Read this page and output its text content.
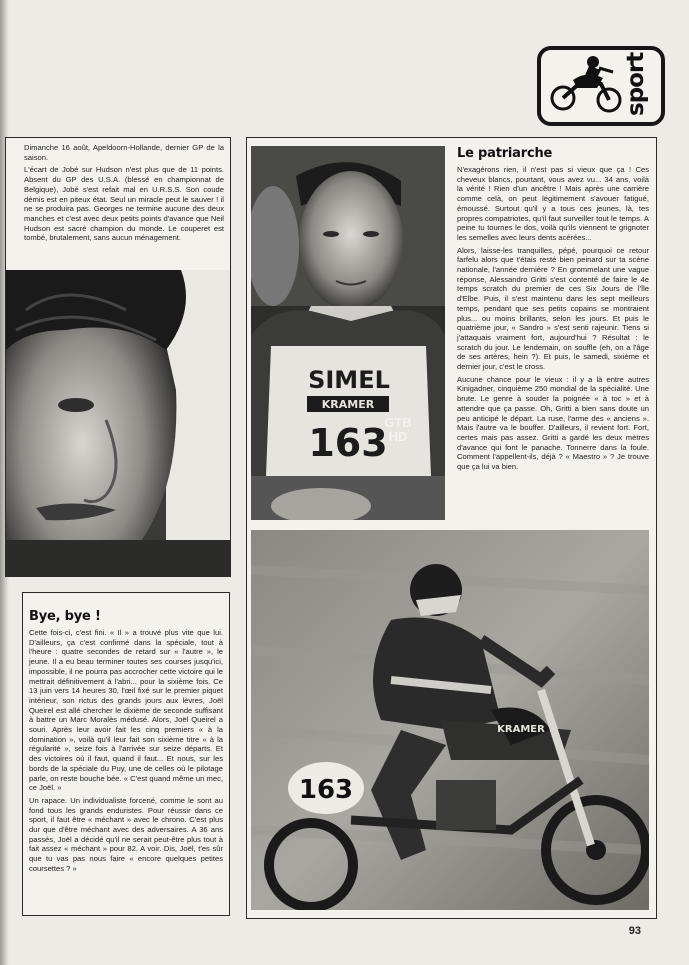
sport

Dimanche 16 août, Apeldoorn-Hollande, dernier GP de la saison.

L'écart de Jobé sur Hudson n'est plus que de 11 points. Absent du GP des U.S.A. (blessé en championnat de Belgique), Jobé s'est refait mal en U.R.S.S. Son coude démis est en piteux état. Seul un miracle peut le sauver ! il ne se produira pas. Georges ne termine aucune des deux manches et c'est avec deux petits points d'avance que Neil Hudson est sacré champion du monde. Le couperet est tombé, brutalement, sans aucun ménagement.

Bye, bye !

Cette fois-ci, c'est fini. « Il » a trouvé plus vite que lui. D'ailleurs, ça c'est confirmé dans la spéciale, tout à l'heure : quatre secondes de retard sur « l'autre », le jeune. Il a eu beau terminer toutes ses courses jusqu'ici, impossible, il ne pourra pas accrocher cette victoire qui le mettrait définitivement à l'abri... pour la sixième fois. Ce 13 juin vers 14 heures 30, l'œil fixé sur le premier piquet intérieur, son rictus des grands jours aux lèvres, Joël Queirel est allé chercher le dixième de seconde suffisant à battre un Marc Moralès médusé. Alors, Joël Queirel a souri. Après leur avoir fait les cinq premiers « à la domination », voilà qu'il leur fait son sixième titre « à la régularité », seize fois à l'arrivée sur seize départs. Et des victoires où il faut, quand il faut... Et nous, sur les bords de la spéciale du Puy, une de celles où le pilotage parle, on reste bouche bée. « C'est quand même un mec, ce Joël. »

Un rapace. Un individualiste forcené, comme le sont au fond tous les grands enduristes. Pour réussir dans ce sport, il faut être « méchant » avec le chrono. C'est plus dur que d'être méchant avec des adversaires. A 36 ans passés, Joël a décidé qu'il ne serait peut-être plus tout à fait assez « méchant » pour 82. A voir. Dis, Joël, t'es sûr que tu vas pas nous faire « encore quelques petites coursettes ? »

SIMEL
KRAMER
163
Le patriarche

N'exagérons rien, il n'est pas si vieux que ça ! Ces cheveux blancs, pourtant, vous avez vu... 34 ans, voilà la vérité ! Rien d'un ancêtre ! Mais après une carrière comme celà, on peut légitimement s'avouer fatigué, émoussé. Surtout qu'il y a tous ces jeunes, là, tes propres compatriotes, qu'il faut surveiller tout le temps. A peine tu tournes le dos, voilà qu'ils viennent te grignoter les semelles avec leurs dents acérées...

Alors, laisse-les tranquilles, pépé, pourquoi ce retour farfelu alors que t'étais resté bien peinard sur ta scène nationale, l'année dernière ? En grommelant une vague réponse, Alessandro Gritti s'est contenté de faire le 4e temps scratch du premier de ces Six Jours de l'île d'Elbe. Puis, il s'est maintenu dans les sept meilleurs temps, pendant que ses petits copains se montraient plus... ou moins brillants, selon les jours. Et puis le quatrième jour, « Sandro » s'est senti rajeunir. Tiens si j'attaquais vraiment fort, aujourd'hui ? Résultat : le scratch du jour. Le lendemain, on souffle (eh, on a l'âge de ses artères, hein ?). Et puis, le samedi, sixième et dernier jour, c'est le cross.

Aucune chance pour le vieux : il y a là entre autres Kinigadner, cinquième 250 mondial de la spécialité. Une brute. Le genre à souder la poignée « à toc » et à attendre que ça passe. Oh, Gritti a bien sans doute un peu anticipé le départ. La ruse, l'arme des « anciens ». Mais l'autre va le bouffer. D'ailleurs, il revient fort. Fort, certes mais pas assez. Gritti a gardé les deux mètres d'avance qui font le panache. Tonnerre dans la foule. Comment l'appellent-ils, déjà ? « Maestro » ? Je trouve que ça lui va bien.

KRAMER
163
GTB
HD
93
